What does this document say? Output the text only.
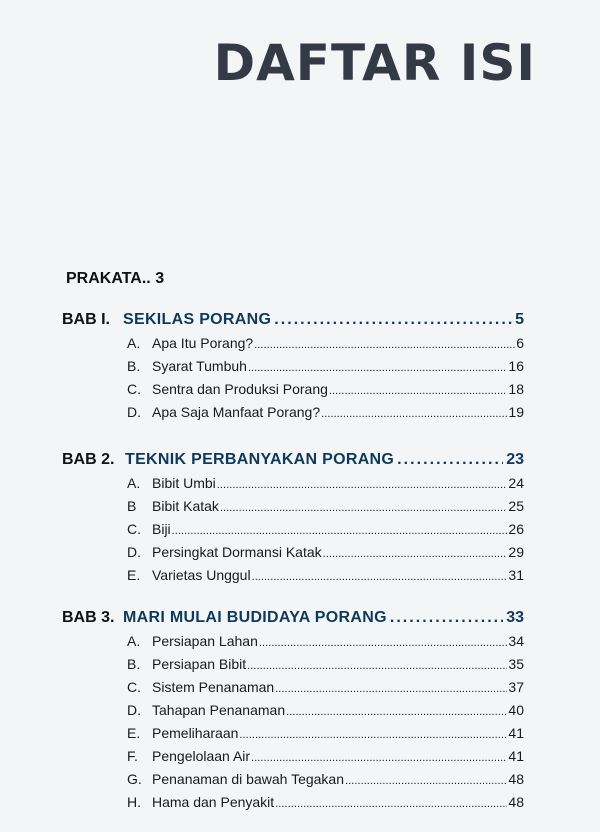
DAFTAR ISI
PRAKATA.. 3
BAB I. SEKILAS PORANG . . .	5
A. Apa Itu Porang? . . .	6
B. Syarat Tumbuh . . .	16
C. Sentra dan Produksi Porang . . .	18
D. Apa Saja Manfaat Porang? . . .	19
BAB 2. TEKNIK PERBANYAKAN PORANG . . .	23
A. Bibit Umbi . . .	24
B	Bibit Katak . . .	25
C. Biji . . .	26
D. Persingkat Dormansi Katak . . .	29
E. Varietas Unggul . . .	31
BAB 3. MARI MULAI BUDIDAYA PORANG . . .	33
A. Persiapan Lahan . . .	34
B. Persiapan Bibit . . .	35
C. Sistem Penanaman . . .	37
D. Tahapan Penanaman . . .	40
E. Pemeliharaan . . .	41
F.	Pengelolaan Air . . .	41
G. Penanaman di bawah Tegakan . . .	48
H. Hama dan Penyakit . . .	48
